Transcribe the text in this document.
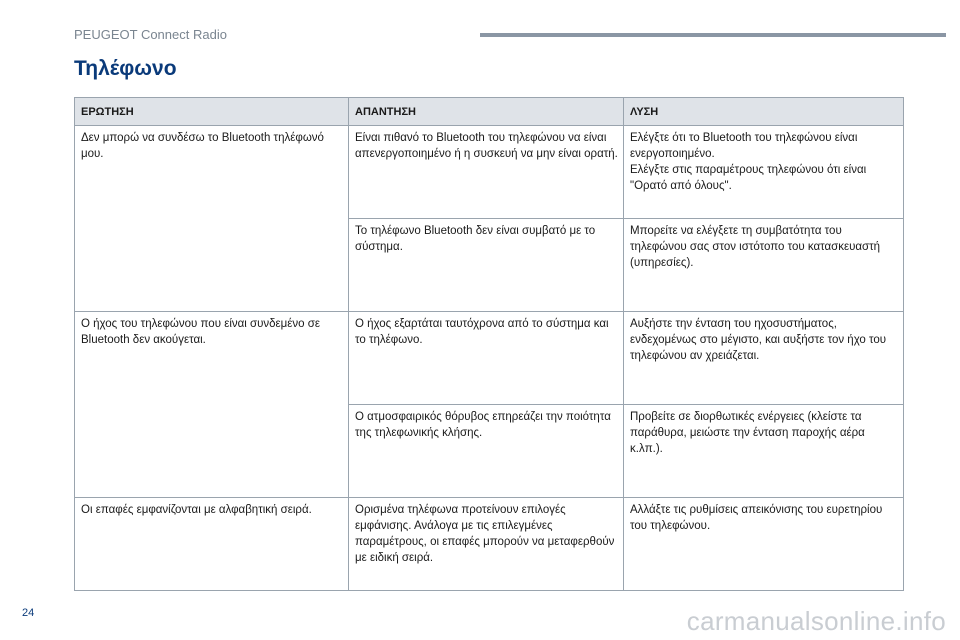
PEUGEOT Connect Radio
Τηλέφωνο
ΕΡΩΤΗΣΗ	ΑΠΑΝΤΗΣΗ	ΛΥΣΗ
Δεν μπορώ να συνδέσω το Bluetooth τηλέφωνό μου.	Είναι πιθανό το Bluetooth του τηλεφώνου να είναι απενεργοποιημένο ή η συσκευή να μην είναι ορατή.	Ελέγξτε ότι το Bluetooth του τηλεφώνου είναι ενεργοποιημένο.
Ελέγξτε στις παραμέτρους τηλεφώνου ότι είναι "Ορατό από όλους".
	Το τηλέφωνο Bluetooth δεν είναι συμβατό με το σύστημα.	Μπορείτε να ελέγξετε τη συμβατότητα του τηλεφώνου σας στον ιστότοπο του κατασκευαστή (υπηρεσίες).
Ο ήχος του τηλεφώνου που είναι συνδεμένο σε Bluetooth δεν ακούγεται.	Ο ήχος εξαρτάται ταυτόχρονα από το σύστημα και το τηλέφωνο.	Αυξήστε την ένταση του ηχοσυστήματος, ενδεχομένως στο μέγιστο, και αυξήστε τον ήχο του τηλεφώνου αν χρειάζεται.
	Ο ατμοσφαιρικός θόρυβος επηρεάζει την ποιότητα της τηλεφωνικής κλήσης.	Προβείτε σε διορθωτικές ενέργειες (κλείστε τα παράθυρα, μειώστε την ένταση παροχής αέρα κ.λπ.).
Οι επαφές εμφανίζονται με αλφαβητική σειρά.	Ορισμένα τηλέφωνα προτείνουν επιλογές εμφάνισης. Ανάλογα με τις επιλεγμένες παραμέτρους, οι επαφές μπορούν να μεταφερθούν με ειδική σειρά.	Αλλάξτε τις ρυθμίσεις απεικόνισης του ευρετηρίου του τηλεφώνου.
24	carmanualsonline.info
